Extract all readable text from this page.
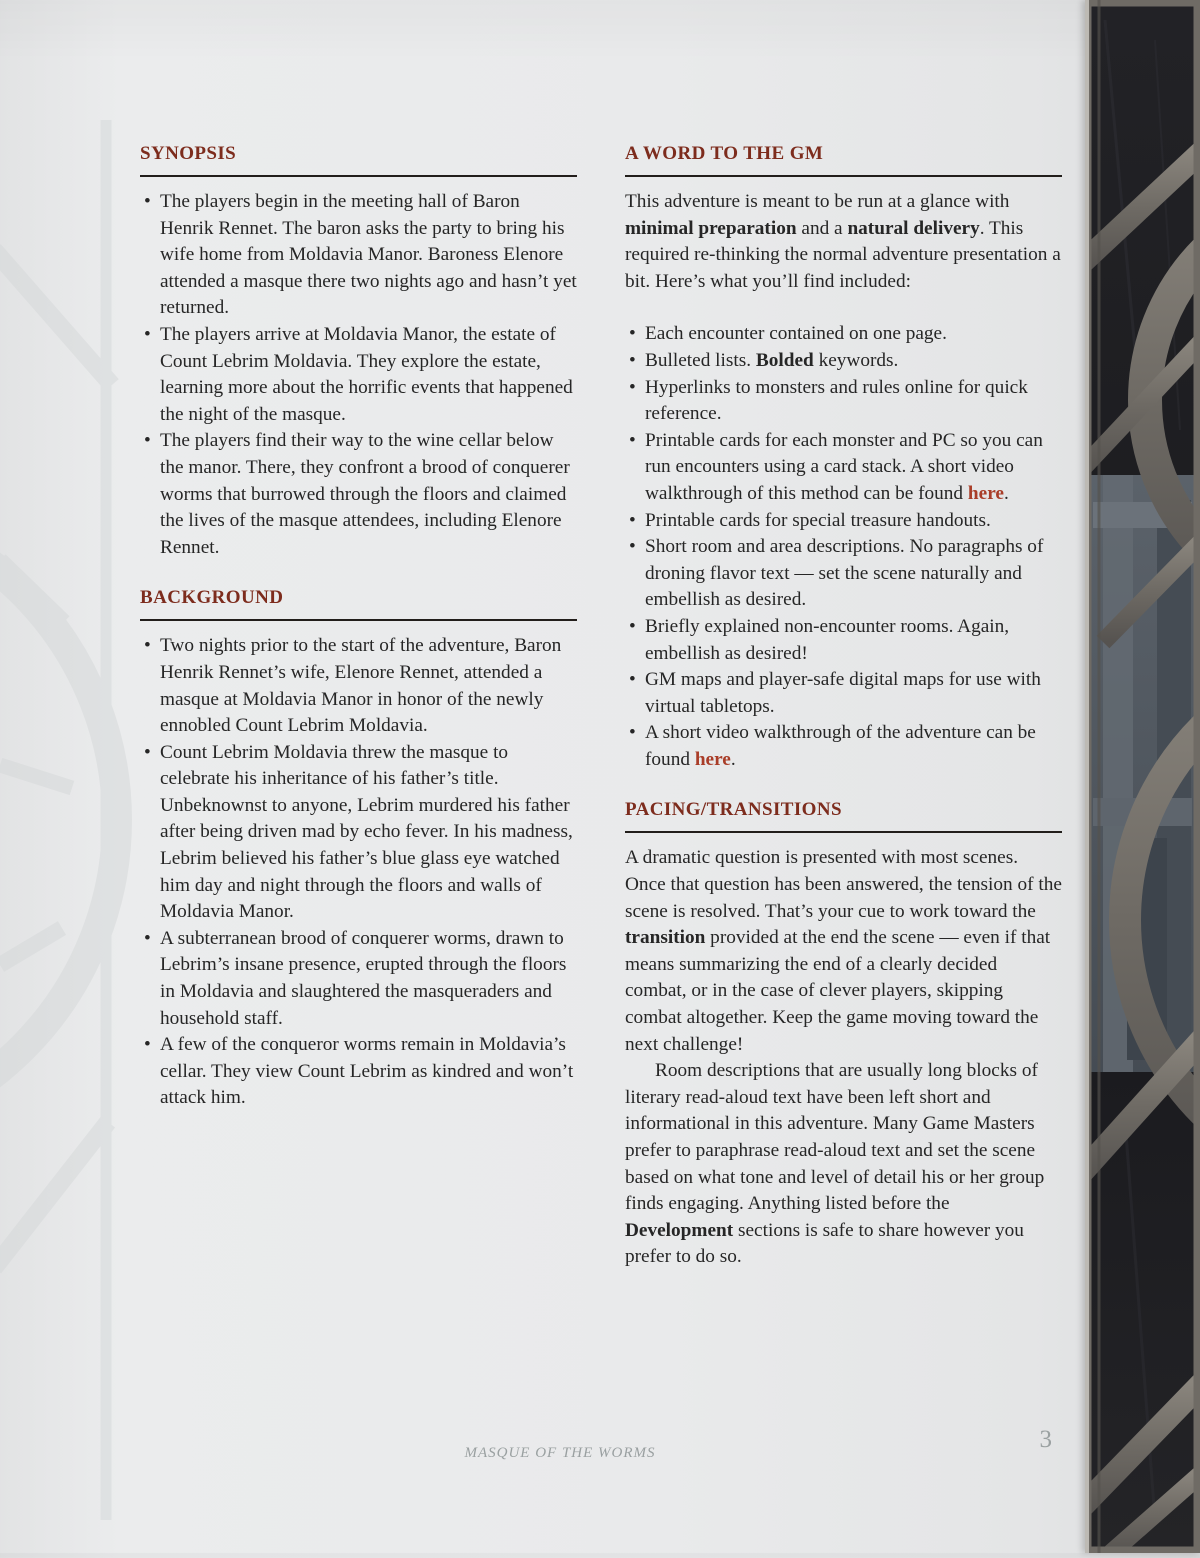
SYNOPSIS
• The players begin in the meeting hall of Baron Henrik Rennet. The baron asks the party to bring his wife home from Moldavia Manor. Baroness Elenore attended a masque there two nights ago and hasn’t yet returned.
• The players arrive at Moldavia Manor, the estate of Count Lebrim Moldavia. They explore the estate, learning more about the horrific events that happened the night of the masque.
• The players find their way to the wine cellar below the manor. There, they confront a brood of conquerer worms that burrowed through the floors and claimed the lives of the masque attendees, including Elenore Rennet.
BACKGROUND
• Two nights prior to the start of the adventure, Baron Henrik Rennet’s wife, Elenore Rennet, attended a masque at Moldavia Manor in honor of the newly ennobled Count Lebrim Moldavia.
• Count Lebrim Moldavia threw the masque to celebrate his inheritance of his father’s title. Unbeknownst to anyone, Lebrim murdered his father after being driven mad by echo fever. In his madness, Lebrim believed his father’s blue glass eye watched him day and night through the floors and walls of Moldavia Manor.
• A subterranean brood of conquerer worms, drawn to Lebrim’s insane presence, erupted through the floors in Moldavia and slaughtered the masqueraders and household staff.
• A few of the conqueror worms remain in Moldavia’s cellar. They view Count Lebrim as kindred and won’t attack him.
A WORD TO THE GM

This adventure is meant to be run at a glance with minimal preparation and a natural delivery. This required re-thinking the normal adventure presentation a bit. Here’s what you’ll find included:

• Each encounter contained on one page.
• Bulleted lists. Bolded keywords.
• Hyperlinks to monsters and rules online for quick reference.
• Printable cards for each monster and PC so you can run encounters using a card stack. A short video walkthrough of this method can be found here.
• Printable cards for special treasure handouts.
• Short room and area descriptions. No paragraphs of droning flavor text — set the scene naturally and embellish as desired.
• Briefly explained non-encounter rooms. Again, embellish as desired!
• GM maps and player-safe digital maps for use with virtual tabletops.
• A short video walkthrough of the adventure can be found here.
PACING/TRANSITIONS

A dramatic question is presented with most scenes. Once that question has been answered, the tension of the scene is resolved. That’s your cue to work toward the transition provided at the end the scene — even if that means summarizing the end of a clearly decided combat, or in the case of clever players, skipping combat altogether. Keep the game moving toward the next challenge!

Room descriptions that are usually long blocks of literary read-aloud text have been left short and informational in this adventure. Many Game Masters prefer to paraphrase read-aloud text and set the scene based on what tone and level of detail his or her group finds engaging. Anything listed before the Development sections is safe to share however you prefer to do so.

MASQUE OF THE WORMS	3
